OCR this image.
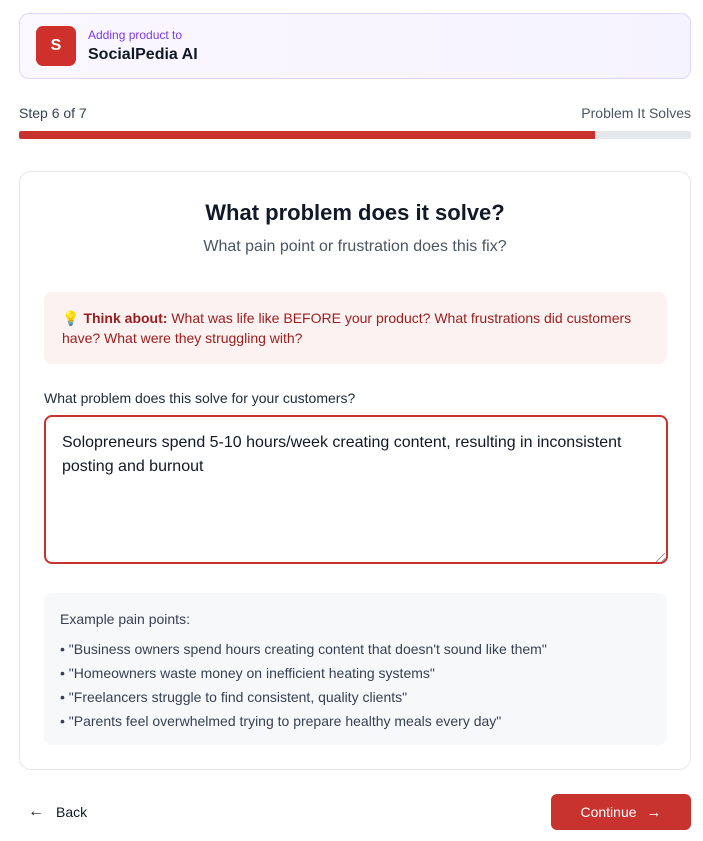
S
Adding product to
SocialPedia AI
Step 6 of 7	Problem It Solves
What problem does it solve?

What pain point or frustration does this fix?

💡 Think about: What was life like BEFORE your product? What frustrations did customers have? What were they struggling with?
What problem does this solve for your customers?
Solopreneurs spend 5-10 hours/week creating content, resulting in inconsistent posting and burnout
Example pain points:
• "Business owners spend hours creating content that doesn't sound like them"
• "Homeowners waste money on inefficient heating systems"
• "Freelancers struggle to find consistent, quality clients"
• "Parents feel overwhelmed trying to prepare healthy meals every day"
← Back	Continue →
